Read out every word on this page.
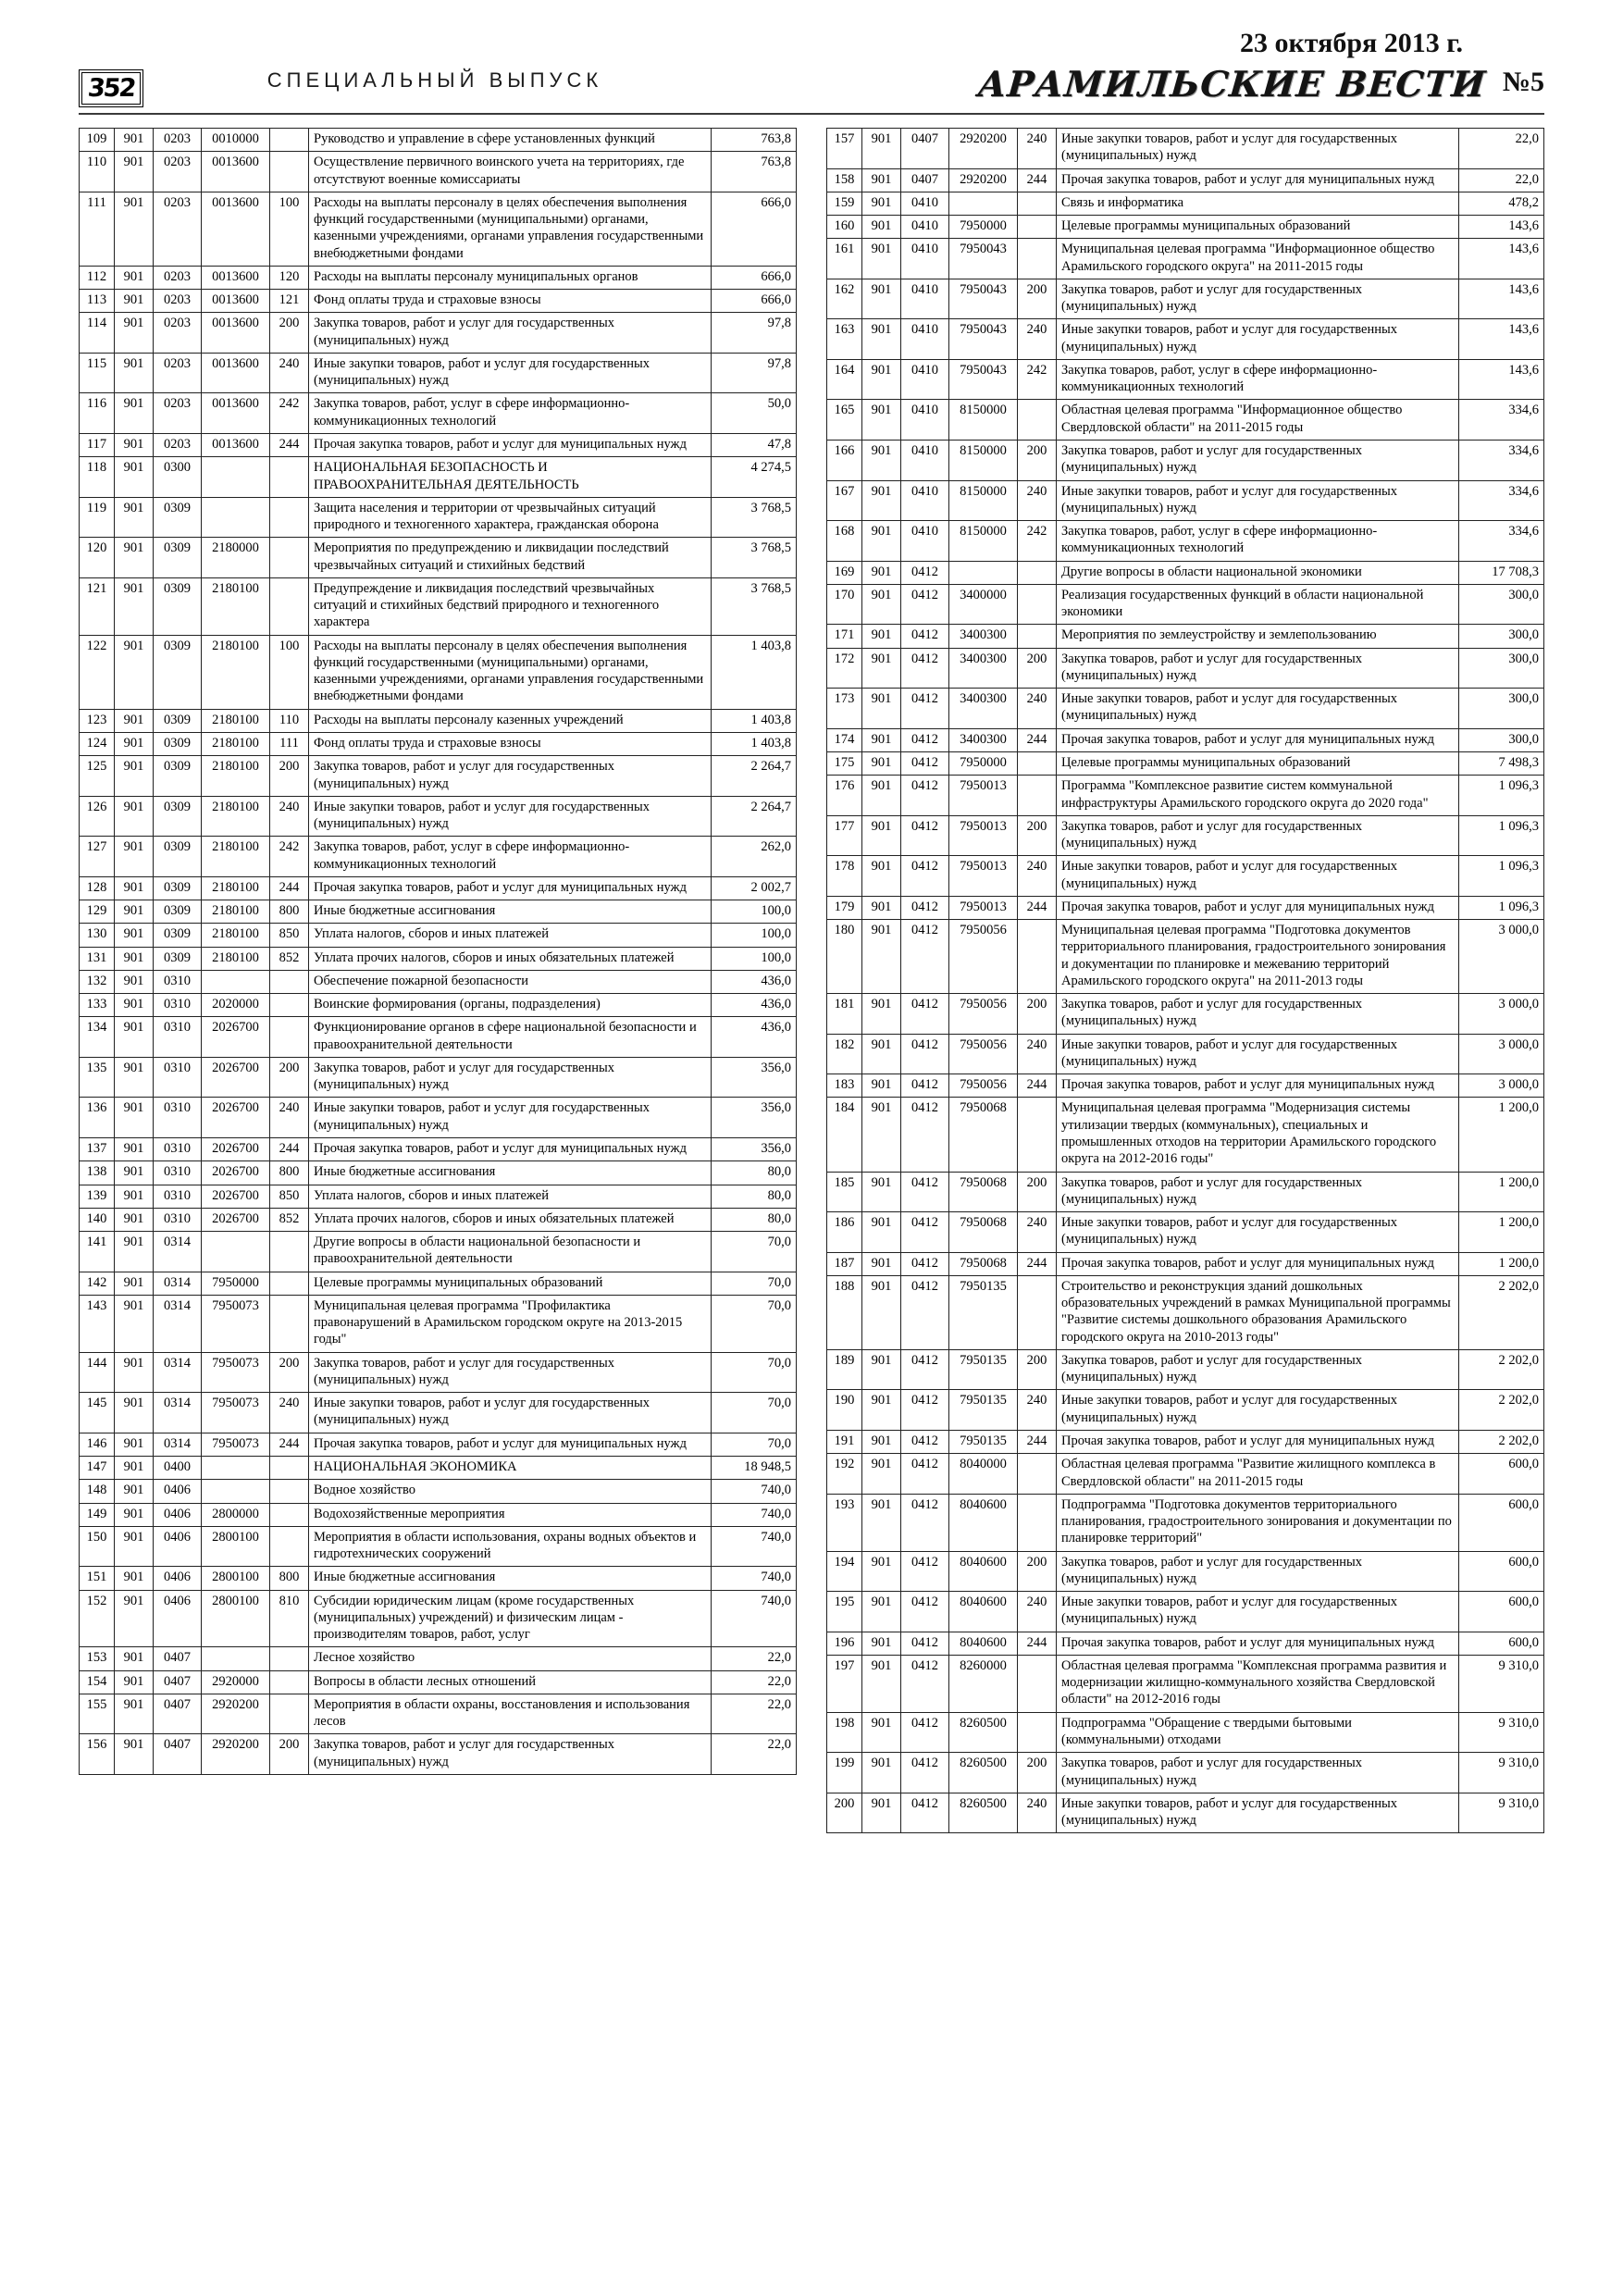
352	СПЕЦИАЛЬНЫЙ ВЫПУСК
23 октября 2013 г.
АРАМИЛЬСКИЕ ВЕСТИ №5
109	901	0203	0010000		Руководство и управление в сфере установленных функций	763,8
110	901	0203	0013600		Осуществление первичного воинского учета на территориях, где отсутствуют военные комиссариаты	763,8
111	901	0203	0013600	100	Расходы на выплаты персоналу в целях обеспечения выполнения функций государственными (муниципальными) органами, казенными учреждениями, органами управления государственными внебюджетными фондами	666,0
112	901	0203	0013600	120	Расходы на выплаты персоналу муниципальных органов	666,0
113	901	0203	0013600	121	Фонд оплаты труда и страховые взносы	666,0
114	901	0203	0013600	200	Закупка товаров, работ и услуг для государственных (муниципальных) нужд	97,8
115	901	0203	0013600	240	Иные закупки товаров, работ и услуг для государственных (муниципальных) нужд	97,8
116	901	0203	0013600	242	Закупка товаров, работ, услуг в сфере информационно-коммуникационных технологий	50,0
117	901	0203	0013600	244	Прочая закупка товаров, работ и услуг для муниципальных нужд	47,8
118	901	0300			НАЦИОНАЛЬНАЯ БЕЗОПАСНОСТЬ И ПРАВООХРАНИТЕЛЬНАЯ ДЕЯТЕЛЬНОСТЬ	4 274,5
119	901	0309			Защита населения и территории от чрезвычайных ситуаций природного и техногенного характера, гражданская оборона	3 768,5
120	901	0309	2180000		Мероприятия по предупреждению и ликвидации последствий чрезвычайных ситуаций и стихийных бедствий	3 768,5
121	901	0309	2180100		Предупреждение и ликвидация последствий чрезвычайных ситуаций и стихийных бедствий природного и техногенного характера	3 768,5
122	901	0309	2180100	100	Расходы на выплаты персоналу в целях обеспечения выполнения функций государственными (муниципальными) органами, казенными учреждениями, органами управления государственными внебюджетными фондами	1 403,8
123	901	0309	2180100	110	Расходы на выплаты персоналу казенных учреждений	1 403,8
124	901	0309	2180100	111	Фонд оплаты труда и страховые взносы	1 403,8
125	901	0309	2180100	200	Закупка товаров, работ и услуг для государственных (муниципальных) нужд	2 264,7
126	901	0309	2180100	240	Иные закупки товаров, работ и услуг для государственных (муниципальных) нужд	2 264,7
127	901	0309	2180100	242	Закупка товаров, работ, услуг в сфере информационно-коммуникационных технологий	262,0
128	901	0309	2180100	244	Прочая закупка товаров, работ и услуг для муниципальных нужд	2 002,7
129	901	0309	2180100	800	Иные бюджетные ассигнования	100,0
130	901	0309	2180100	850	Уплата налогов, сборов и иных платежей	100,0
131	901	0309	2180100	852	Уплата прочих налогов, сборов и иных обязательных платежей	100,0
132	901	0310			Обеспечение пожарной безопасности	436,0
133	901	0310	2020000		Воинские формирования (органы, подразделения)	436,0
134	901	0310	2026700		Функционирование органов в сфере национальной безопасности и правоохранительной деятельности	436,0
135	901	0310	2026700	200	Закупка товаров, работ и услуг для государственных (муниципальных) нужд	356,0
136	901	0310	2026700	240	Иные закупки товаров, работ и услуг для государственных (муниципальных) нужд	356,0
137	901	0310	2026700	244	Прочая закупка товаров, работ и услуг для муниципальных нужд	356,0
138	901	0310	2026700	800	Иные бюджетные ассигнования	80,0
139	901	0310	2026700	850	Уплата налогов, сборов и иных платежей	80,0
140	901	0310	2026700	852	Уплата прочих налогов, сборов и иных обязательных платежей	80,0
141	901	0314			Другие вопросы в области национальной безопасности и правоохранительной деятельности	70,0
142	901	0314	7950000		Целевые программы муниципальных образований	70,0
143	901	0314	7950073		Муниципальная целевая программа "Профилактика правонарушений в Арамильском городском округе на 2013-2015 годы"	70,0
144	901	0314	7950073	200	Закупка товаров, работ и услуг для государственных (муниципальных) нужд	70,0
145	901	0314	7950073	240	Иные закупки товаров, работ и услуг для государственных (муниципальных) нужд	70,0
146	901	0314	7950073	244	Прочая закупка товаров, работ и услуг для муниципальных нужд	70,0
147	901	0400			НАЦИОНАЛЬНАЯ ЭКОНОМИКА	18 948,5
148	901	0406			Водное хозяйство	740,0
149	901	0406	2800000		Водохозяйственные мероприятия	740,0
150	901	0406	2800100		Мероприятия в области использования, охраны водных объектов и гидротехнических сооружений	740,0
151	901	0406	2800100	800	Иные бюджетные ассигнования	740,0
152	901	0406	2800100	810	Субсидии юридическим лицам (кроме государственных (муниципальных) учреждений) и физическим лицам - производителям товаров, работ, услуг	740,0
153	901	0407			Лесное хозяйство	22,0
154	901	0407	2920000		Вопросы в области лесных отношений	22,0
155	901	0407	2920200		Мероприятия в области охраны, восстановления и использования лесов	22,0
156	901	0407	2920200	200	Закупка товаров, работ и услуг для государственных (муниципальных) нужд	22,0
157	901	0407	2920200	240	Иные закупки товаров, работ и услуг для государственных (муниципальных) нужд	22,0
158	901	0407	2920200	244	Прочая закупка товаров, работ и услуг для муниципальных нужд	22,0
159	901	0410			Связь и информатика	478,2
160	901	0410	7950000		Целевые программы муниципальных образований	143,6
161	901	0410	7950043		Муниципальная целевая программа "Информационное общество Арамильского городского округа" на 2011-2015 годы	143,6
162	901	0410	7950043	200	Закупка товаров, работ и услуг для государственных (муниципальных) нужд	143,6
163	901	0410	7950043	240	Иные закупки товаров, работ и услуг для государственных (муниципальных) нужд	143,6
164	901	0410	7950043	242	Закупка товаров, работ, услуг в сфере информационно-коммуникационных технологий	143,6
165	901	0410	8150000		Областная целевая программа "Информационное общество Свердловской области" на 2011-2015 годы	334,6
166	901	0410	8150000	200	Закупка товаров, работ и услуг для государственных (муниципальных) нужд	334,6
167	901	0410	8150000	240	Иные закупки товаров, работ и услуг для государственных (муниципальных) нужд	334,6
168	901	0410	8150000	242	Закупка товаров, работ, услуг в сфере информационно-коммуникационных технологий	334,6
169	901	0412			Другие вопросы в области национальной экономики	17 708,3
170	901	0412	3400000		Реализация государственных функций в области национальной экономики	300,0
171	901	0412	3400300		Мероприятия по землеустройству и землепользованию	300,0
172	901	0412	3400300	200	Закупка товаров, работ и услуг для государственных (муниципальных) нужд	300,0
173	901	0412	3400300	240	Иные закупки товаров, работ и услуг для государственных (муниципальных) нужд	300,0
174	901	0412	3400300	244	Прочая закупка товаров, работ и услуг для муниципальных нужд	300,0
175	901	0412	7950000		Целевые программы муниципальных образований	7 498,3
176	901	0412	7950013		Программа "Комплексное развитие систем коммунальной инфраструктуры Арамильского городского округа до 2020 года"	1 096,3
177	901	0412	7950013	200	Закупка товаров, работ и услуг для государственных (муниципальных) нужд	1 096,3
178	901	0412	7950013	240	Иные закупки товаров, работ и услуг для государственных (муниципальных) нужд	1 096,3
179	901	0412	7950013	244	Прочая закупка товаров, работ и услуг для муниципальных нужд	1 096,3
180	901	0412	7950056		Муниципальная целевая программа "Подготовка документов территориального планирования, градостроительного зонирования и документации по планировке и межеванию территорий Арамильского городского округа" на 2011-2013 годы	3 000,0
181	901	0412	7950056	200	Закупка товаров, работ и услуг для государственных (муниципальных) нужд	3 000,0
182	901	0412	7950056	240	Иные закупки товаров, работ и услуг для государственных (муниципальных) нужд	3 000,0
183	901	0412	7950056	244	Прочая закупка товаров, работ и услуг для муниципальных нужд	3 000,0
184	901	0412	7950068		Муниципальная целевая программа "Модернизация системы утилизации твердых (коммунальных), специальных и промышленных отходов на территории Арамильского городского округа на 2012-2016 годы"	1 200,0
185	901	0412	7950068	200	Закупка товаров, работ и услуг для государственных (муниципальных) нужд	1 200,0
186	901	0412	7950068	240	Иные закупки товаров, работ и услуг для государственных (муниципальных) нужд	1 200,0
187	901	0412	7950068	244	Прочая закупка товаров, работ и услуг для муниципальных нужд	1 200,0
188	901	0412	7950135		Строительство и реконструкция зданий дошкольных образовательных учреждений в рамках Муниципальной программы "Развитие системы дошкольного образования Арамильского городского округа на 2010-2013 годы"	2 202,0
189	901	0412	7950135	200	Закупка товаров, работ и услуг для государственных (муниципальных) нужд	2 202,0
190	901	0412	7950135	240	Иные закупки товаров, работ и услуг для государственных (муниципальных) нужд	2 202,0
191	901	0412	7950135	244	Прочая закупка товаров, работ и услуг для муниципальных нужд	2 202,0
192	901	0412	8040000		Областная целевая программа "Развитие жилищного комплекса в Свердловской области" на 2011-2015 годы	600,0
193	901	0412	8040600		Подпрограмма "Подготовка документов территориального планирования, градостроительного зонирования и документации по планировке территорий"	600,0
194	901	0412	8040600	200	Закупка товаров, работ и услуг для государственных (муниципальных) нужд	600,0
195	901	0412	8040600	240	Иные закупки товаров, работ и услуг для государственных (муниципальных) нужд	600,0
196	901	0412	8040600	244	Прочая закупка товаров, работ и услуг для муниципальных нужд	600,0
197	901	0412	8260000		Областная целевая программа "Комплексная программа развития и модернизации жилищно-коммунального хозяйства Свердловской области" на 2012-2016 годы	9 310,0
198	901	0412	8260500		Подпрограмма "Обращение с твердыми бытовыми (коммунальными) отходами	9 310,0
199	901	0412	8260500	200	Закупка товаров, работ и услуг для государственных (муниципальных) нужд	9 310,0
200	901	0412	8260500	240	Иные закупки товаров, работ и услуг для государственных (муниципальных) нужд	9 310,0
